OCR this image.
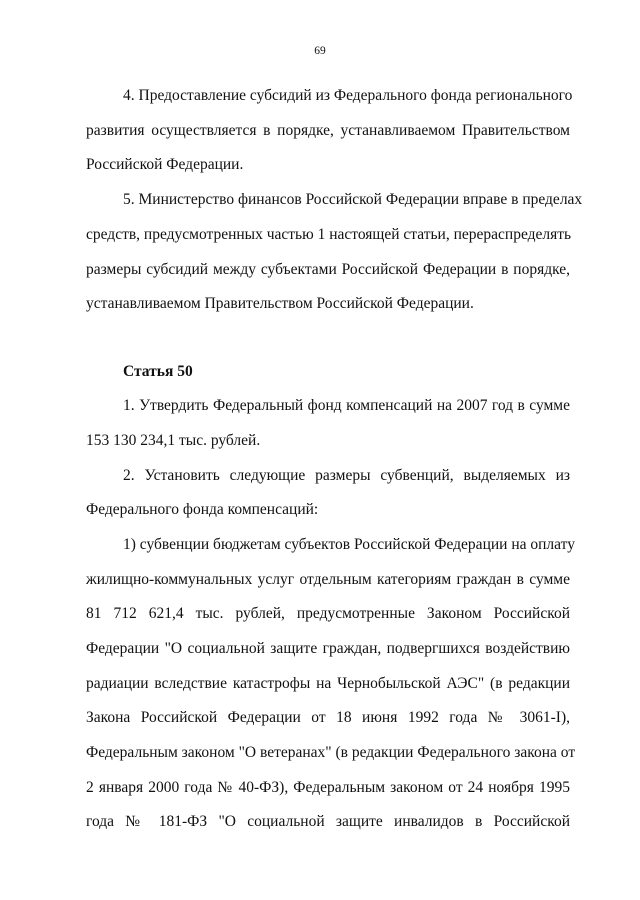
69
4. Предоставление субсидий из Федерального фонда регионального
развития осуществляется в порядке, устанавливаемом Правительством
Российской Федерации.
5. Министерство финансов Российской Федерации вправе в пределах
средств, предусмотренных частью 1 настоящей статьи, перераспределять
размеры субсидий между субъектами Российской Федерации в порядке,
устанавливаемом Правительством Российской Федерации.
Статья 50
1. Утвердить Федеральный фонд компенсаций на 2007 год в сумме
153 130 234,1 тыс. рублей.
2. Установить следующие размеры субвенций, выделяемых из
Федерального фонда компенсаций:
1) субвенции бюджетам субъектов Российской Федерации на оплату
жилищно-коммунальных услуг отдельным категориям граждан в сумме
81 712 621,4 тыс. рублей, предусмотренные Законом Российской
Федерации "О социальной защите граждан, подвергшихся воздействию
радиации вследствие катастрофы на Чернобыльской АЭС" (в редакции
Закона Российской Федерации от 18 июня 1992 года № 3061-I),
Федеральным законом "О ветеранах" (в редакции Федерального закона от
2 января 2000 года № 40-ФЗ), Федеральным законом от 24 ноября 1995
года № 181-ФЗ "О социальной защите инвалидов в Российской
